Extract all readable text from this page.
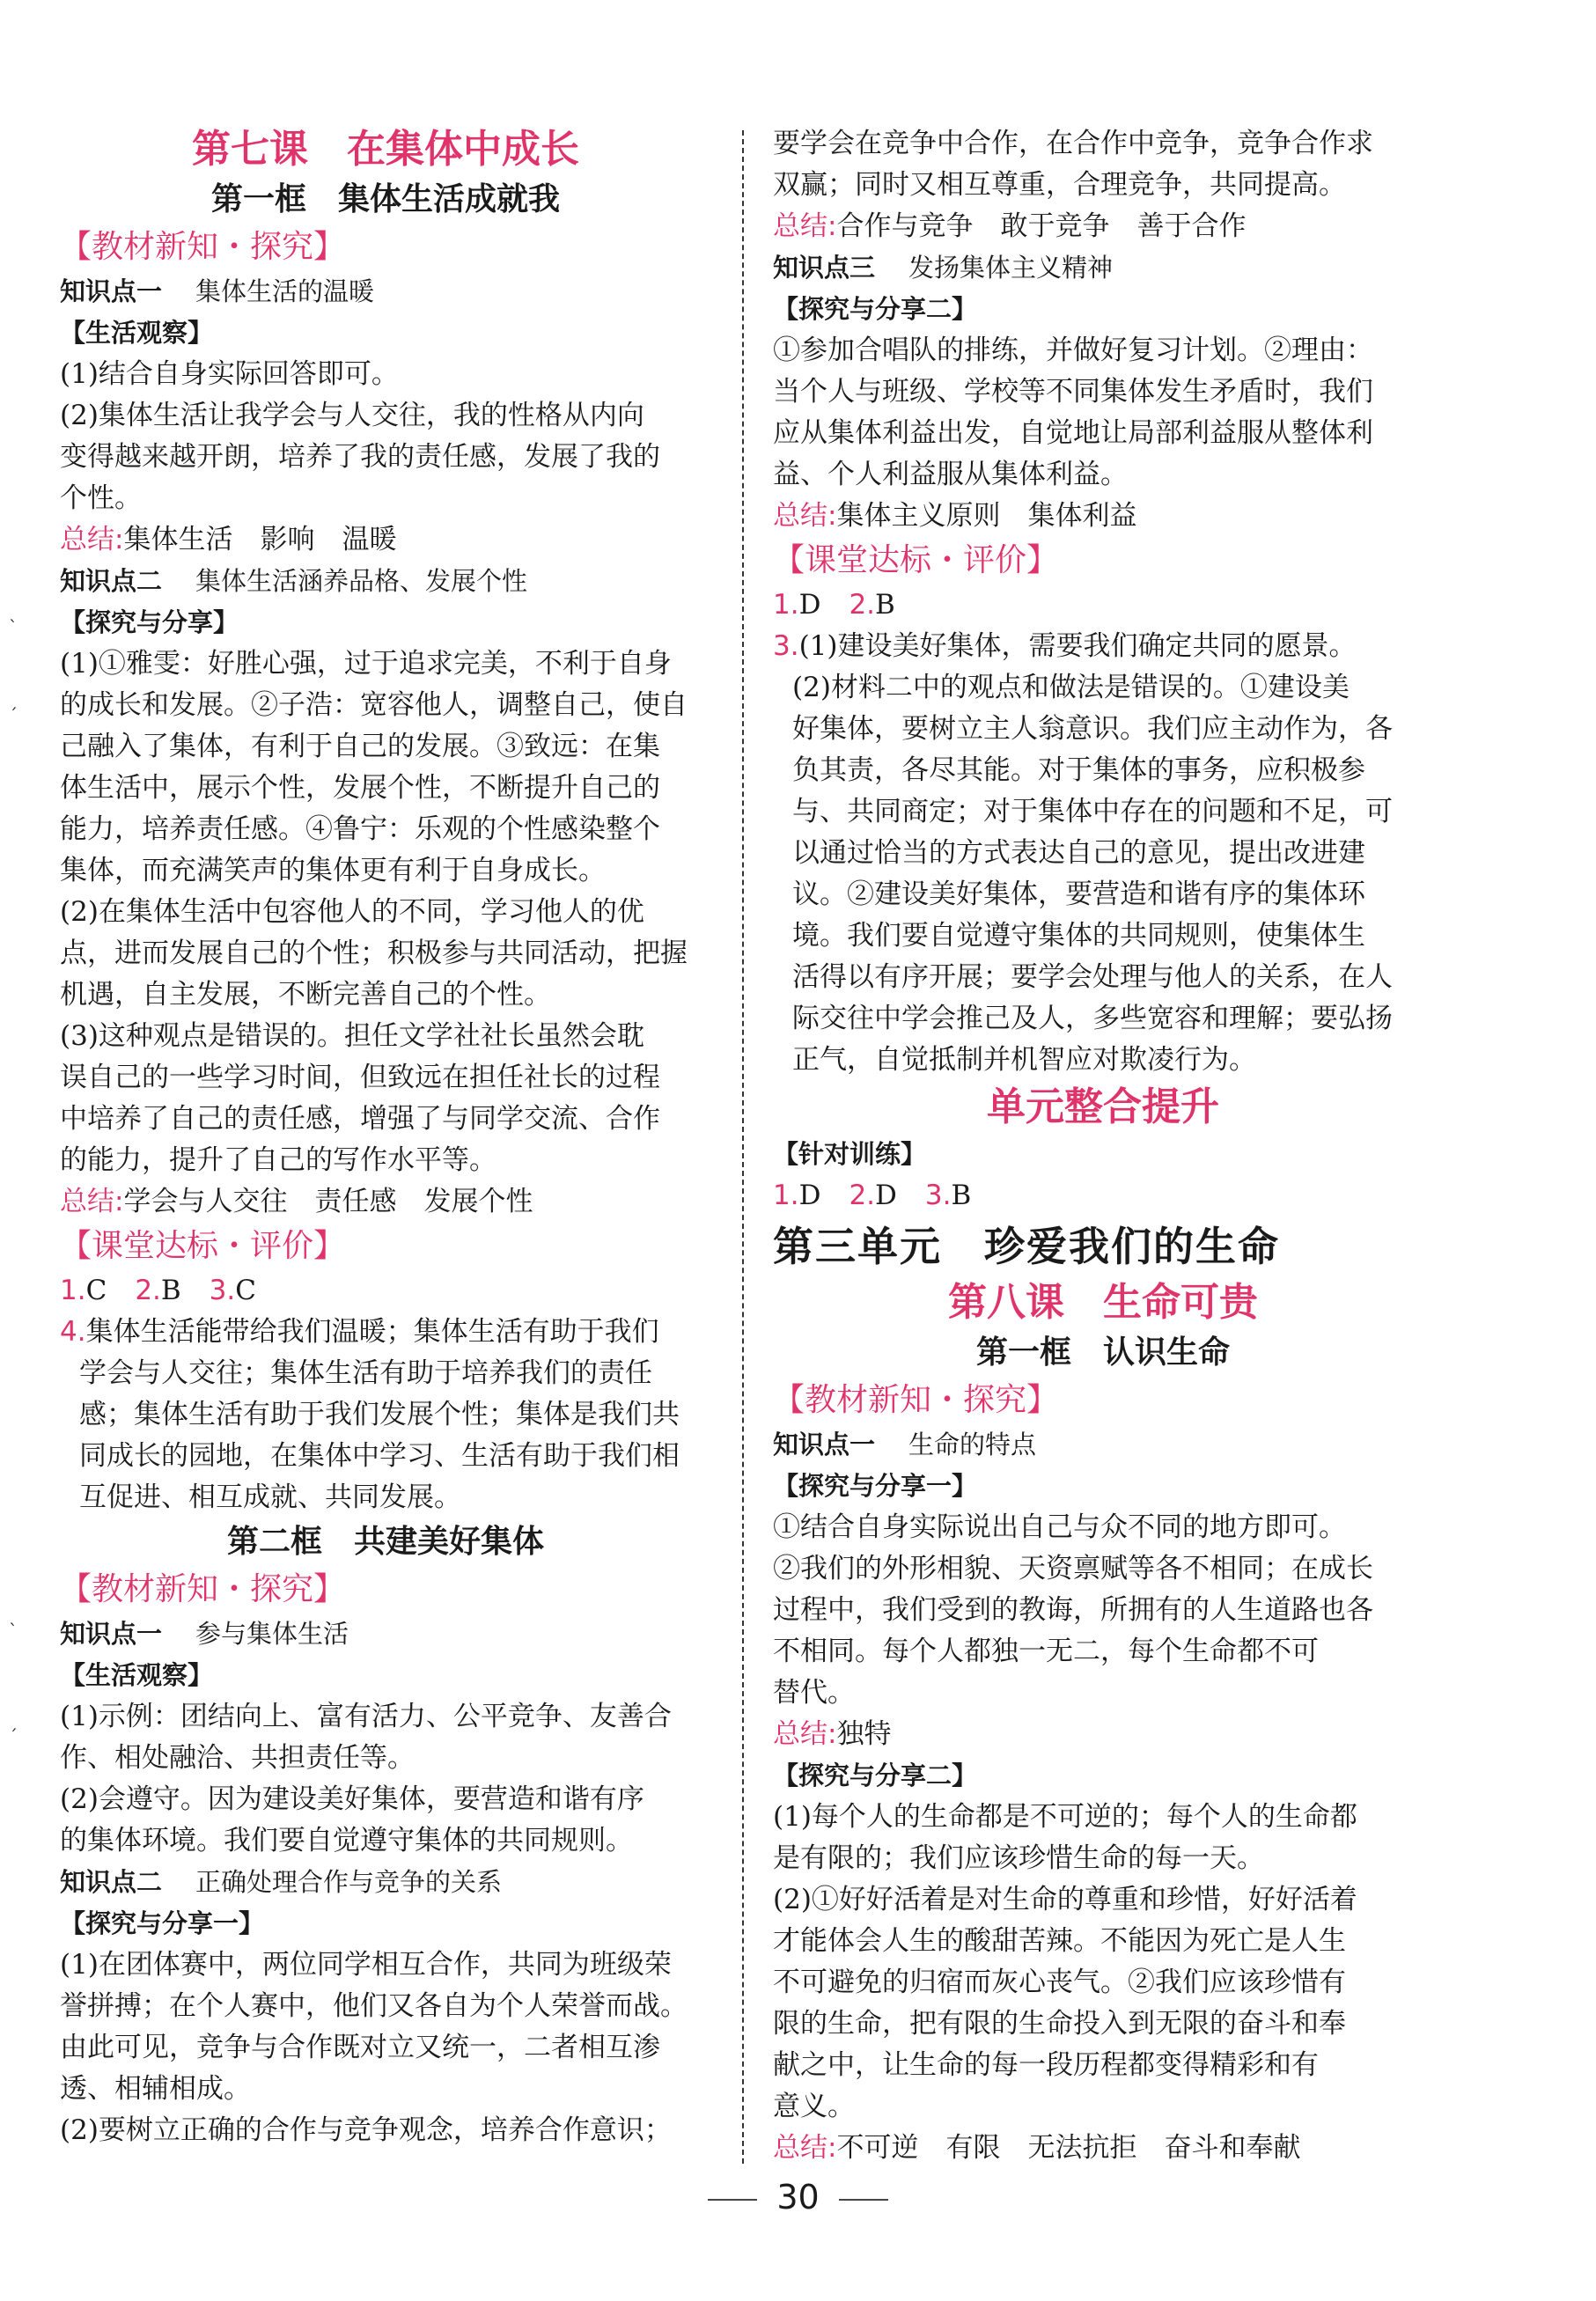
第七课　在集体中成长
第一框　集体生活成就我
【教材新知・探究】
知识点一 集体生活的温暖
【生活观察】
(1)结合自身实际回答即可。
(2)集体生活让我学会与人交往，我的性格从内向
变得越来越开朗，培养了我的责任感，发展了我的
个性。
总结:集体生活　影响　温暖
知识点二 集体生活涵养品格、发展个性
【探究与分享】
(1)①雅雯：好胜心强，过于追求完美，不利于自身
的成长和发展。②子浩：宽容他人，调整自己，使自
己融入了集体，有利于自己的发展。③致远：在集
体生活中，展示个性，发展个性，不断提升自己的
能力，培养责任感。④鲁宁：乐观的个性感染整个
集体，而充满笑声的集体更有利于自身成长。
(2)在集体生活中包容他人的不同，学习他人的优
点，进而发展自己的个性；积极参与共同活动，把握
机遇，自主发展，不断完善自己的个性。
(3)这种观点是错误的。担任文学社社长虽然会耽
误自己的一些学习时间，但致远在担任社长的过程
中培养了自己的责任感，增强了与同学交流、合作
的能力，提升了自己的写作水平等。
总结:学会与人交往　责任感　发展个性
【课堂达标・评价】
1.C 2.B 3.C
4.集体生活能带给我们温暖；集体生活有助于我们
学会与人交往；集体生活有助于培养我们的责任
感；集体生活有助于我们发展个性；集体是我们共
同成长的园地，在集体中学习、生活有助于我们相
互促进、相互成就、共同发展。
第二框　共建美好集体
【教材新知・探究】
知识点一 参与集体生活
【生活观察】
(1)示例：团结向上、富有活力、公平竞争、友善合
作、相处融洽、共担责任等。
(2)会遵守。因为建设美好集体，要营造和谐有序
的集体环境。我们要自觉遵守集体的共同规则。
知识点二 正确处理合作与竞争的关系
【探究与分享一】
(1)在团体赛中，两位同学相互合作，共同为班级荣
誉拼搏；在个人赛中，他们又各自为个人荣誉而战。
由此可见，竞争与合作既对立又统一，二者相互渗
透、相辅相成。
(2)要树立正确的合作与竞争观念，培养合作意识；
要学会在竞争中合作，在合作中竞争，竞争合作求
双赢；同时又相互尊重，合理竞争，共同提高。
总结:合作与竞争　敢于竞争　善于合作
知识点三 发扬集体主义精神
【探究与分享二】
①参加合唱队的排练，并做好复习计划。②理由：
当个人与班级、学校等不同集体发生矛盾时，我们
应从集体利益出发，自觉地让局部利益服从整体利
益、个人利益服从集体利益。
总结:集体主义原则　集体利益
【课堂达标・评价】
1.D 2.B
3.(1)建设美好集体，需要我们确定共同的愿景。
(2)材料二中的观点和做法是错误的。①建设美
好集体，要树立主人翁意识。我们应主动作为，各
负其责，各尽其能。对于集体的事务，应积极参
与、共同商定；对于集体中存在的问题和不足，可
以通过恰当的方式表达自己的意见，提出改进建
议。②建设美好集体，要营造和谐有序的集体环
境。我们要自觉遵守集体的共同规则，使集体生
活得以有序开展；要学会处理与他人的关系，在人
际交往中学会推己及人，多些宽容和理解；要弘扬
正气，自觉抵制并机智应对欺凌行为。
单元整合提升
【针对训练】
1.D 2.D 3.B
第三单元　珍爱我们的生命
第八课　生命可贵
第一框　认识生命
【教材新知・探究】
知识点一 生命的特点
【探究与分享一】
①结合自身实际说出自己与众不同的地方即可。
②我们的外形相貌、天资禀赋等各不相同；在成长
过程中，我们受到的教诲，所拥有的人生道路也各
不相同。每个人都独一无二，每个生命都不可
替代。
总结:独特
【探究与分享二】
(1)每个人的生命都是不可逆的；每个人的生命都
是有限的；我们应该珍惜生命的每一天。
(2)①好好活着是对生命的尊重和珍惜，好好活着
才能体会人生的酸甜苦辣。不能因为死亡是人生
不可避免的归宿而灰心丧气。②我们应该珍惜有
限的生命，把有限的生命投入到无限的奋斗和奉
献之中，让生命的每一段历程都变得精彩和有
意义。
总结:不可逆　有限　无法抗拒　奋斗和奉献
30
ˋ
ˊ
ˋ
ˊ
